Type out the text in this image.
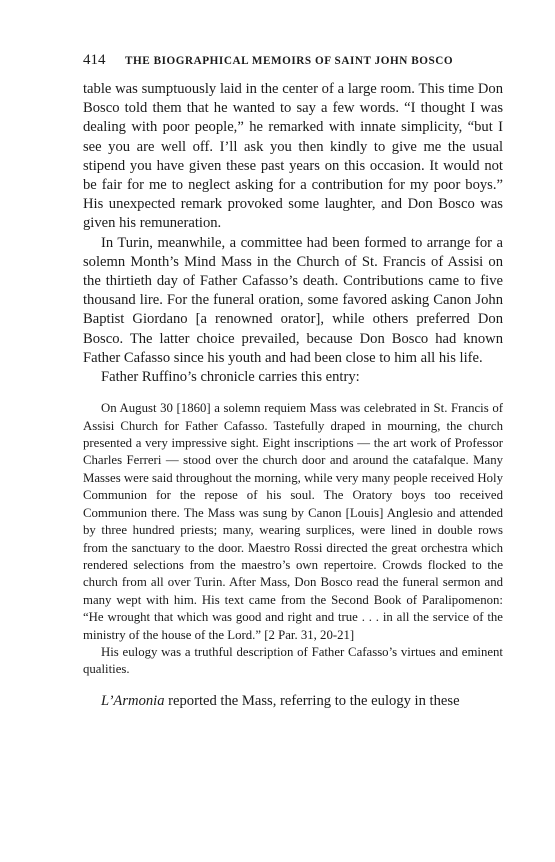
414	THE BIOGRAPHICAL MEMOIRS OF SAINT JOHN BOSCO

table was sumptuously laid in the center of a large room. This time Don Bosco told them that he wanted to say a few words. “I thought I was dealing with poor people,” he remarked with innate simplicity, “but I see you are well off. I’ll ask you then kindly to give me the usual stipend you have given these past years on this occasion. It would not be fair for me to neglect asking for a contribution for my poor boys.” His unexpected remark provoked some laughter, and Don Bosco was given his remuneration.

In Turin, meanwhile, a committee had been formed to arrange for a solemn Month’s Mind Mass in the Church of St. Francis of Assisi on the thirtieth day of Father Cafasso’s death. Contributions came to five thousand lire. For the funeral oration, some favored asking Canon John Baptist Giordano [a renowned orator], while others preferred Don Bosco. The latter choice prevailed, because Don Bosco had known Father Cafasso since his youth and had been close to him all his life.

Father Ruffino’s chronicle carries this entry:

On August 30 [1860] a solemn requiem Mass was celebrated in St. Francis of Assisi Church for Father Cafasso. Tastefully draped in mourning, the church presented a very impressive sight. Eight inscriptions — the art work of Professor Charles Ferreri — stood over the church door and around the catafalque. Many Masses were said throughout the morning, while very many people received Holy Communion for the repose of his soul. The Oratory boys too received Communion there. The Mass was sung by Canon [Louis] Anglesio and attended by three hundred priests; many, wearing surplices, were lined in double rows from the sanctuary to the door. Maestro Rossi directed the great orchestra which rendered selections from the maestro’s own repertoire. Crowds flocked to the church from all over Turin. After Mass, Don Bosco read the funeral sermon and many wept with him. His text came from the Second Book of Paralipomenon: “He wrought that which was good and right and true . . . in all the service of the ministry of the house of the Lord.” [2 Par. 31, 20-21]

His eulogy was a truthful description of Father Cafasso’s virtues and eminent qualities.

L’Armonia reported the Mass, referring to the eulogy in these
